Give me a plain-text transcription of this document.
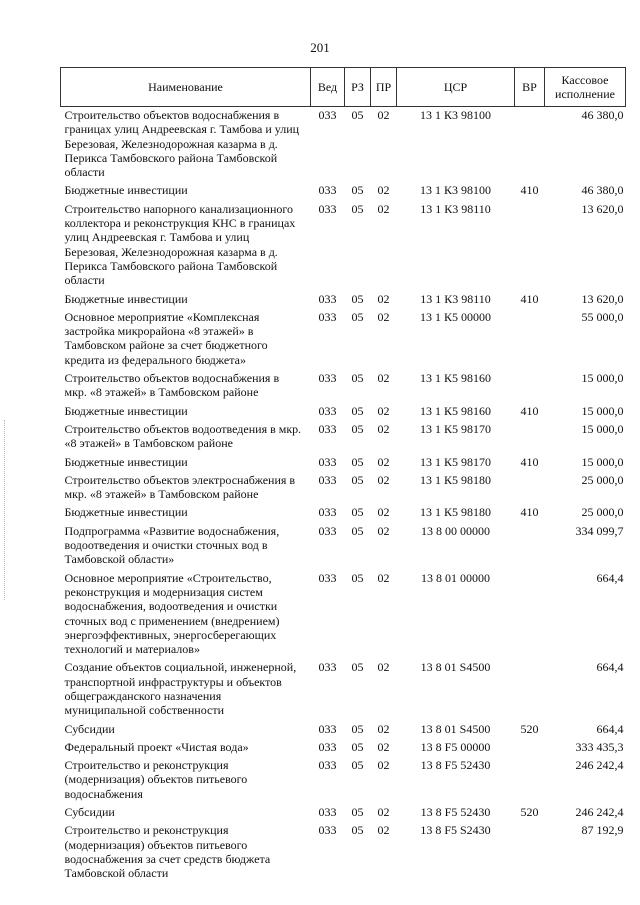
201
Наименование	Вед	РЗ	ПР	ЦСР	ВР	Кассовое исполнение
Строительство объектов водоснабжения в границах улиц Андреевская г. Тамбова и улиц Березовая, Железнодорожная казарма в д. Перикса Тамбовского района Тамбовской области	033	05	02	13 1 К3 98100		46 380,0
Бюджетные инвестиции	033	05	02	13 1 К3 98100	410	46 380,0
Строительство напорного канализационного коллектора и реконструкция КНС в границах улиц Андреевская г. Тамбова и улиц Березовая, Железнодорожная казарма в д. Перикса Тамбовского района Тамбовской области	033	05	02	13 1 К3 98110		13 620,0
Бюджетные инвестиции	033	05	02	13 1 К3 98110	410	13 620,0
Основное мероприятие «Комплексная застройка микрорайона «8 этажей» в Тамбовском районе за счет бюджетного кредита из федерального бюджета»	033	05	02	13 1 К5 00000		55 000,0
Строительство объектов водоснабжения в мкр. «8 этажей» в Тамбовском районе	033	05	02	13 1 К5 98160		15 000,0
Бюджетные инвестиции	033	05	02	13 1 К5 98160	410	15 000,0
Строительство объектов водоотведения в мкр. «8 этажей» в Тамбовском районе	033	05	02	13 1 К5 98170		15 000,0
Бюджетные инвестиции	033	05	02	13 1 К5 98170	410	15 000,0
Строительство объектов электроснабжения в мкр. «8 этажей» в Тамбовском районе	033	05	02	13 1 К5 98180		25 000,0
Бюджетные инвестиции	033	05	02	13 1 К5 98180	410	25 000,0
Подпрограмма «Развитие водоснабжения, водоотведения и очистки сточных вод в Тамбовской области»	033	05	02	13 8 00 00000		334 099,7
Основное мероприятие «Строительство, реконструкция и модернизация систем водоснабжения, водоотведения и очистки сточных вод с применением (внедрением) энергоэффективных, энергосберегающих технологий и материалов»	033	05	02	13 8 01 00000		664,4
Создание объектов социальной, инженерной, транспортной инфраструктуры и объектов общегражданского назначения муниципальной собственности	033	05	02	13 8 01 S4500		664,4
Субсидии	033	05	02	13 8 01 S4500	520	664,4
Федеральный проект «Чистая вода»	033	05	02	13 8 F5 00000		333 435,3
Строительство и реконструкция (модернизация) объектов питьевого водоснабжения	033	05	02	13 8 F5 52430		246 242,4
Субсидии	033	05	02	13 8 F5 52430	520	246 242,4
Строительство и реконструкция (модернизация) объектов питьевого водоснабжения за счет средств бюджета Тамбовской области	033	05	02	13 8 F5 S2430		87 192,9
